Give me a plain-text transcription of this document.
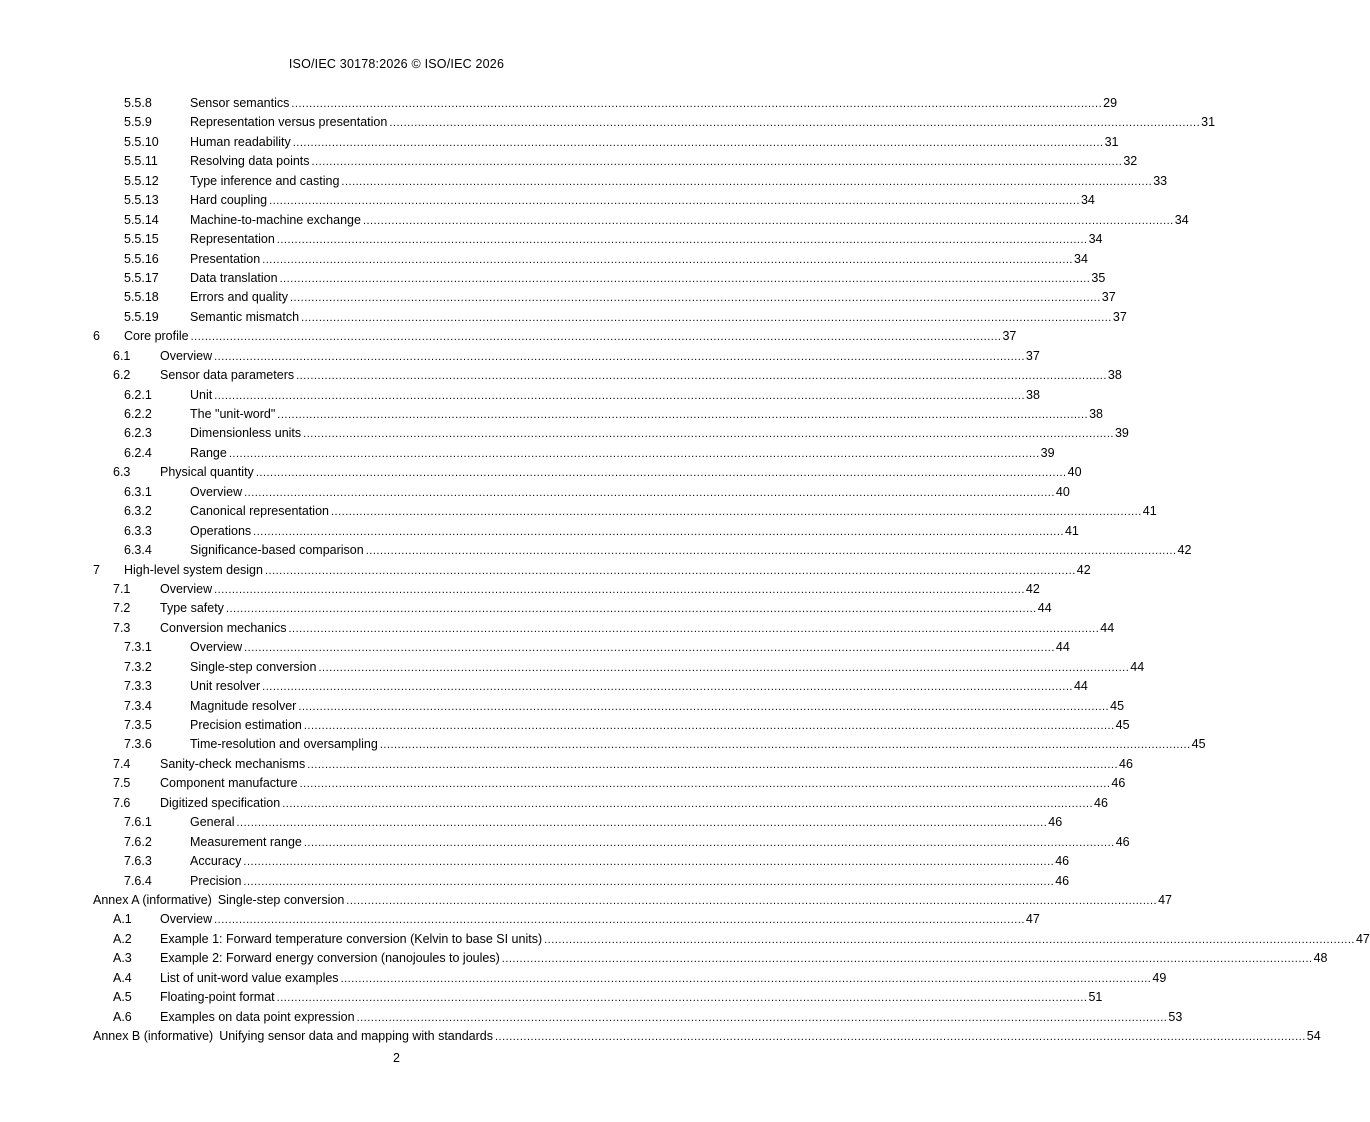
ISO/IEC 30178:2026 © ISO/IEC 2026
5.5.8	Sensor semantics .................................................................................................................................................................................................................................... 29
5.5.9	Representation versus presentation .................................................................................................................................................................................................................................... 31
5.5.10	Human readability .................................................................................................................................................................................................................................... 31
5.5.11	Resolving data points .................................................................................................................................................................................................................................... 32
5.5.12	Type inference and casting .................................................................................................................................................................................................................................... 33
5.5.13	Hard coupling .................................................................................................................................................................................................................................... 34
5.5.14	Machine-to-machine exchange .................................................................................................................................................................................................................................... 34
5.5.15	Representation .................................................................................................................................................................................................................................... 34
5.5.16	Presentation .................................................................................................................................................................................................................................... 34
5.5.17	Data translation .................................................................................................................................................................................................................................... 35
5.5.18	Errors and quality .................................................................................................................................................................................................................................... 37
5.5.19	Semantic mismatch .................................................................................................................................................................................................................................... 37
6	Core profile .................................................................................................................................................................................................................................... 37
6.1	Overview .................................................................................................................................................................................................................................... 37
6.2	Sensor data parameters .................................................................................................................................................................................................................................... 38
6.2.1	Unit .................................................................................................................................................................................................................................... 38
6.2.2	The "unit-word" .................................................................................................................................................................................................................................... 38
6.2.3	Dimensionless units .................................................................................................................................................................................................................................... 39
6.2.4	Range .................................................................................................................................................................................................................................... 39
6.3	Physical quantity .................................................................................................................................................................................................................................... 40
6.3.1	Overview .................................................................................................................................................................................................................................... 40
6.3.2	Canonical representation .................................................................................................................................................................................................................................... 41
6.3.3	Operations .................................................................................................................................................................................................................................... 41
6.3.4	Significance-based comparison .................................................................................................................................................................................................................................... 42
7	High-level system design .................................................................................................................................................................................................................................... 42
7.1	Overview .................................................................................................................................................................................................................................... 42
7.2	Type safety .................................................................................................................................................................................................................................... 44
7.3	Conversion mechanics .................................................................................................................................................................................................................................... 44
7.3.1	Overview .................................................................................................................................................................................................................................... 44
7.3.2	Single-step conversion .................................................................................................................................................................................................................................... 44
7.3.3	Unit resolver .................................................................................................................................................................................................................................... 44
7.3.4	Magnitude resolver .................................................................................................................................................................................................................................... 45
7.3.5	Precision estimation .................................................................................................................................................................................................................................... 45
7.3.6	Time-resolution and oversampling .................................................................................................................................................................................................................................... 45
7.4	Sanity-check mechanisms .................................................................................................................................................................................................................................... 46
7.5	Component manufacture .................................................................................................................................................................................................................................... 46
7.6	Digitized specification .................................................................................................................................................................................................................................... 46
7.6.1	General .................................................................................................................................................................................................................................... 46
7.6.2	Measurement range .................................................................................................................................................................................................................................... 46
7.6.3	Accuracy .................................................................................................................................................................................................................................... 46
7.6.4	Precision .................................................................................................................................................................................................................................... 46
Annex A (informative) Single-step conversion .................................................................................................................................................................................................................................... 47
A.1	Overview .................................................................................................................................................................................................................................... 47
A.2	Example 1: Forward temperature conversion (Kelvin to base SI units) .................................................................................................................................................................................................................................... 47
A.3	Example 2: Forward energy conversion (nanojoules to joules) .................................................................................................................................................................................................................................... 48
A.4	List of unit-word value examples .................................................................................................................................................................................................................................... 49
A.5	Floating-point format .................................................................................................................................................................................................................................... 51
A.6	Examples on data point expression .................................................................................................................................................................................................................................... 53
Annex B (informative) Unifying sensor data and mapping with standards .................................................................................................................................................................................................................................... 54
2
